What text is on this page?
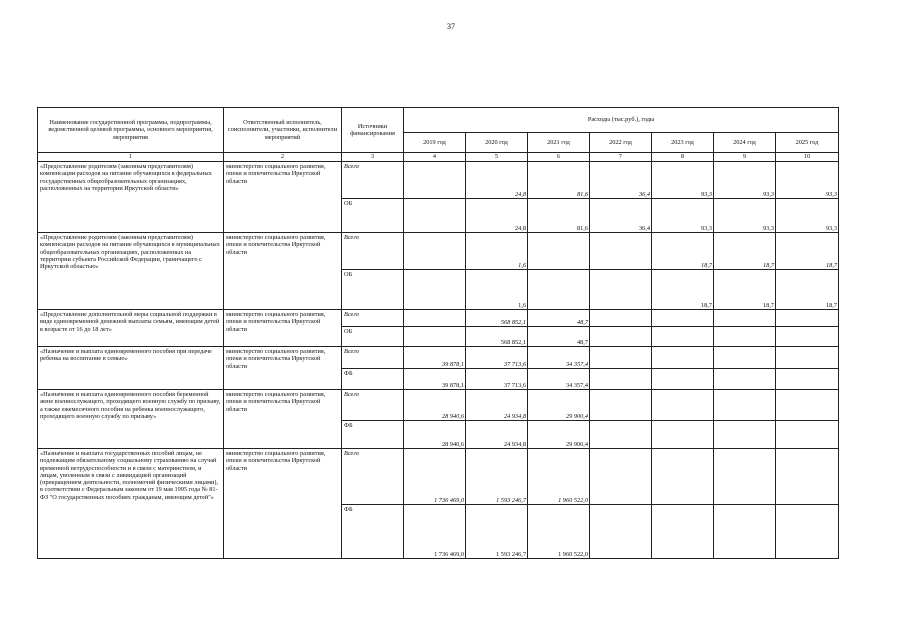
37
Наименование государственной программы, подпрограммы, ведомственной целевой программы, основного мероприятия, мероприятия	Ответственный исполнитель, соисполнители, участники, исполнители мероприятий	Источники финансирования	Расходы (тыс.руб.), годы						
			2019 год	2020 год	2021 год	2022 год	2023 год	2024 год	2025 год
1	2	3	4	5	6	7	8	9	10
«Предоставление родителям (законным представителям) компенсации расходов на питание обучающихся в федеральных государственных общеобразовательных организациях, расположенных на территории Иркутской области»	министерство социального развития, опеки и попечительства Иркутской области	Всего		24,8	81,6	36,4	93,3	93,3	93,3
		ОБ		24,8	81,6	36,4	93,3	93,3	93,3
«Предоставление родителям (законным представителям) компенсации расходов на питание обучающихся в муниципальных общеобразовательных организациях, расположенных на территории субъекта Российской Федерации, граничащего с Иркутской областью»	министерство социального развития, опеки и попечительства Иркутской области	Всего		1,6			18,7	18,7	18,7
		ОБ		1,6			18,7	18,7	18,7
«Предоставление дополнительной меры социальной поддержки в виде единовременной денежной выплаты семьям, имеющим детей в возрасте от 16 до 18 лет»	министерство социального развития, опеки и попечительства Иркутской области	Всего		568 852,1	48,7				
		ОБ		568 852,1	48,7				
«Назначение и выплата единовременного пособия при передаче ребенка на воспитание в семью»	министерство социального развития, опеки и попечительства Иркутской области	Всего	39 878,1	37 713,6	34 357,4				
		ФБ	39 878,1	37 713,6	34 357,4				
«Назначение и выплата единовременного пособия беременной жене военнослужащего, проходящего военную службу по призыву, а также ежемесячного пособия на ребенка военнослужащего, проходящего военную службу по призыву»	министерство социального развития, опеки и попечительства Иркутской области	Всего	28 940,6	24 934,8	29 900,4				
		ФБ	28 940,6	24 934,8	29 900,4				
«Назначение и выплата государственных пособий лицам, не подлежащим обязательному социальному страхованию на случай временной нетрудоспособности и в связи с материнством, и лицам, уволенным в связи с ликвидацией организаций (прекращением деятельности, полномочий физическими лицами), в соответствии с Федеральным законом от 19 мая 1995 года № 81-ФЗ "О государственных пособиях гражданам, имеющим детей"»	министерство социального развития, опеки и попечительства Иркутской области	Всего	1 736 469,0	1 593 246,7	1 960 522,0				
		ФБ	1 736 469,0	1 593 246,7	1 960 522,0				
